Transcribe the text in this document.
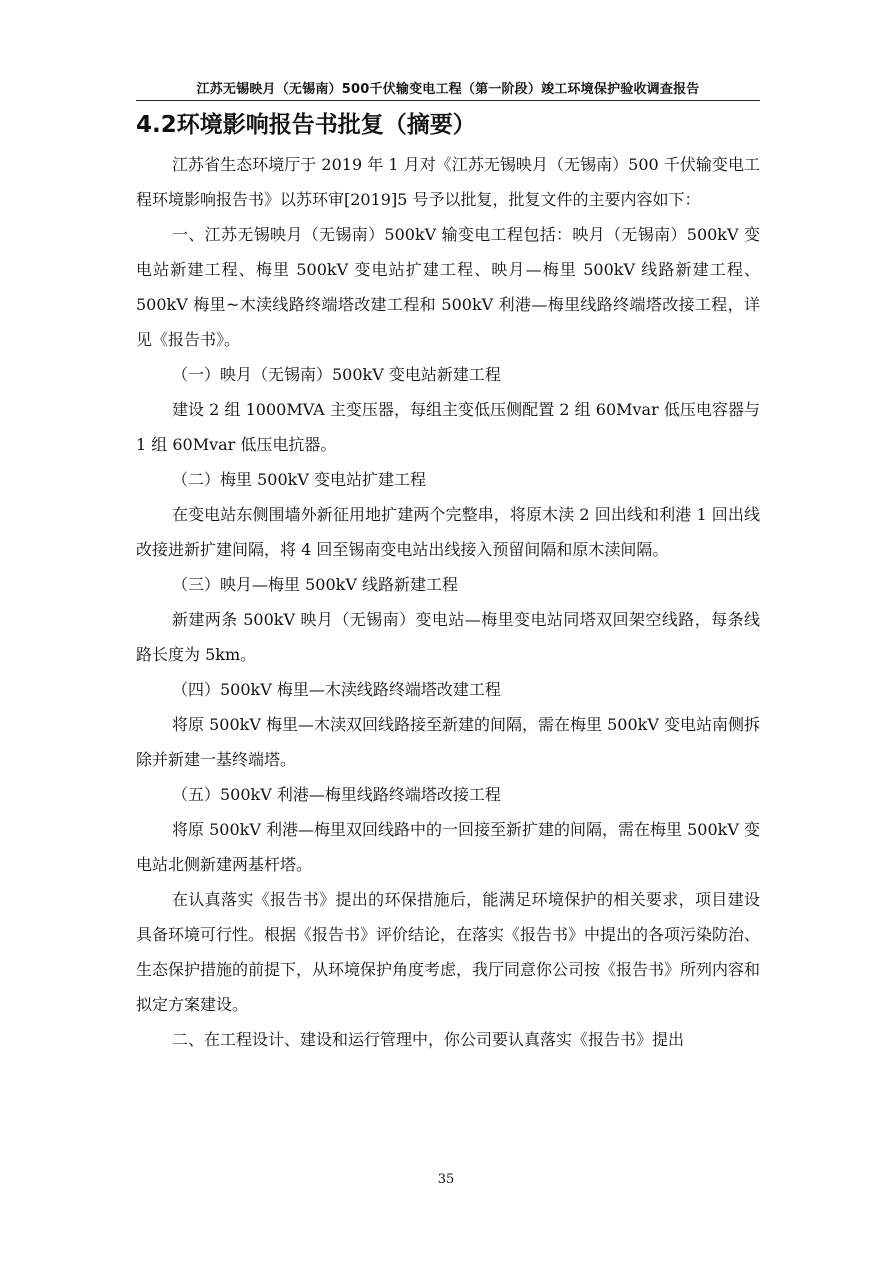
江苏无锡映月（无锡南）500千伏输变电工程（第一阶段）竣工环境保护验收调查报告
4.2环境影响报告书批复（摘要）

江苏省生态环境厅于 2019 年 1 月对《江苏无锡映月（无锡南）500 千伏输变电工程环境影响报告书》以苏环审[2019]5 号予以批复，批复文件的主要内容如下：

一、江苏无锡映月（无锡南）500kV 输变电工程包括：映月（无锡南）500kV 变电站新建工程、梅里 500kV 变电站扩建工程、映月—梅里 500kV 线路新建工程、500kV 梅里~木渎线路终端塔改建工程和 500kV 利港—梅里线路终端塔改接工程，详见《报告书》。

（一）映月（无锡南）500kV 变电站新建工程

建设 2 组 1000MVA 主变压器，每组主变低压侧配置 2 组 60Mvar 低压电容器与 1 组 60Mvar 低压电抗器。

（二）梅里 500kV 变电站扩建工程

在变电站东侧围墙外新征用地扩建两个完整串，将原木渎 2 回出线和利港 1 回出线改接进新扩建间隔，将 4 回至锡南变电站出线接入预留间隔和原木渎间隔。

（三）映月—梅里 500kV 线路新建工程

新建两条 500kV 映月（无锡南）变电站—梅里变电站同塔双回架空线路，每条线路长度为 5km。

（四）500kV 梅里—木渎线路终端塔改建工程

将原 500kV 梅里—木渎双回线路接至新建的间隔，需在梅里 500kV 变电站南侧拆除并新建一基终端塔。

（五）500kV 利港—梅里线路终端塔改接工程

将原 500kV 利港—梅里双回线路中的一回接至新扩建的间隔，需在梅里 500kV 变电站北侧新建两基杆塔。

在认真落实《报告书》提出的环保措施后，能满足环境保护的相关要求，项目建设具备环境可行性。根据《报告书》评价结论，在落实《报告书》中提出的各项污染防治、生态保护措施的前提下，从环境保护角度考虑，我厅同意你公司按《报告书》所列内容和拟定方案建设。

二、在工程设计、建设和运行管理中，你公司要认真落实《报告书》提出

35
